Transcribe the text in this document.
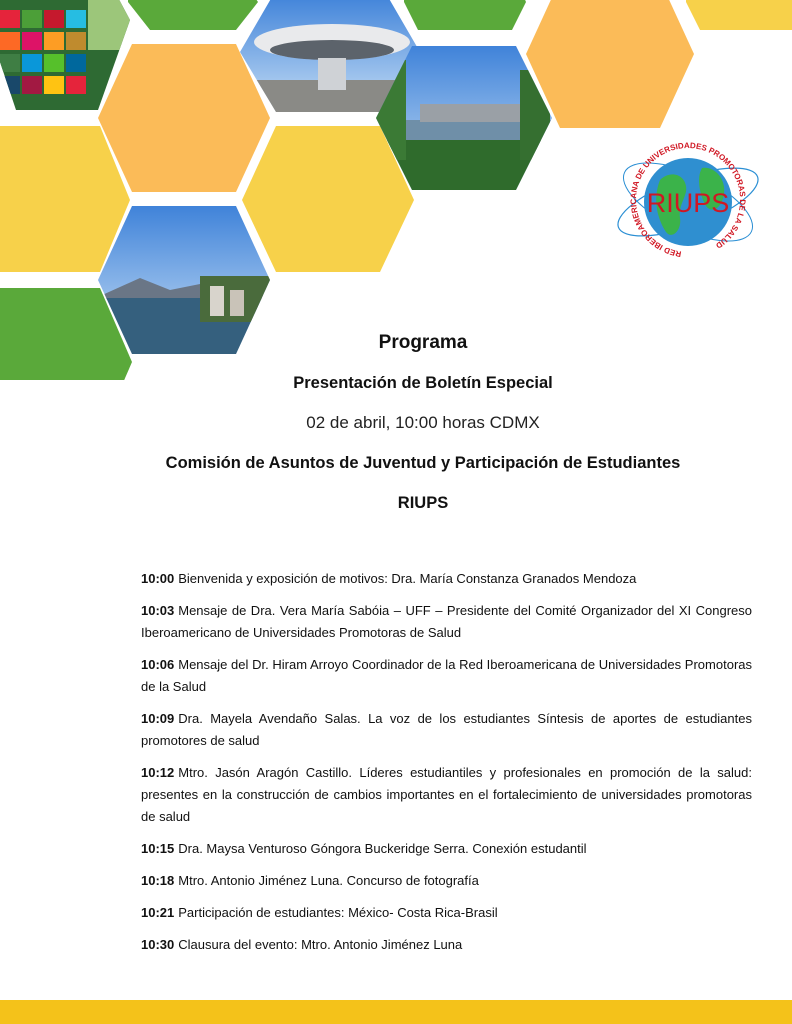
RIUPS
RED IBEROAMERICANA DE UNIVERSIDADES PROMOTORAS DE LA SALUD
Programa
Presentación de Boletín Especial
02 de abril, 10:00 horas CDMX
Comisión de Asuntos de Juventud y Participación de Estudiantes
RIUPS
10:00 Bienvenida y exposición de motivos: Dra. María Constanza Granados Mendoza
10:03 Mensaje de Dra. Vera María Sabóia – UFF – Presidente del Comité Organizador del XI Congreso Iberoamericano de Universidades Promotoras de Salud
10:06 Mensaje del Dr. Hiram Arroyo Coordinador de la Red Iberoamericana de Universidades Promotoras de la Salud
10:09 Dra. Mayela Avendaño Salas. La voz de los estudiantes Síntesis de aportes de estudiantes promotores de salud
10:12 Mtro. Jasón Aragón Castillo. Líderes estudiantiles y profesionales en promoción de la salud: presentes en la construcción de cambios importantes en el fortalecimiento de universidades promotoras de salud
10:15 Dra. Maysa Venturoso Góngora Buckeridge Serra. Conexión estudantil
10:18 Mtro. Antonio Jiménez Luna. Concurso de fotografía
10:21 Participación de estudiantes: México- Costa Rica-Brasil
10:30 Clausura del evento: Mtro. Antonio Jiménez Luna
